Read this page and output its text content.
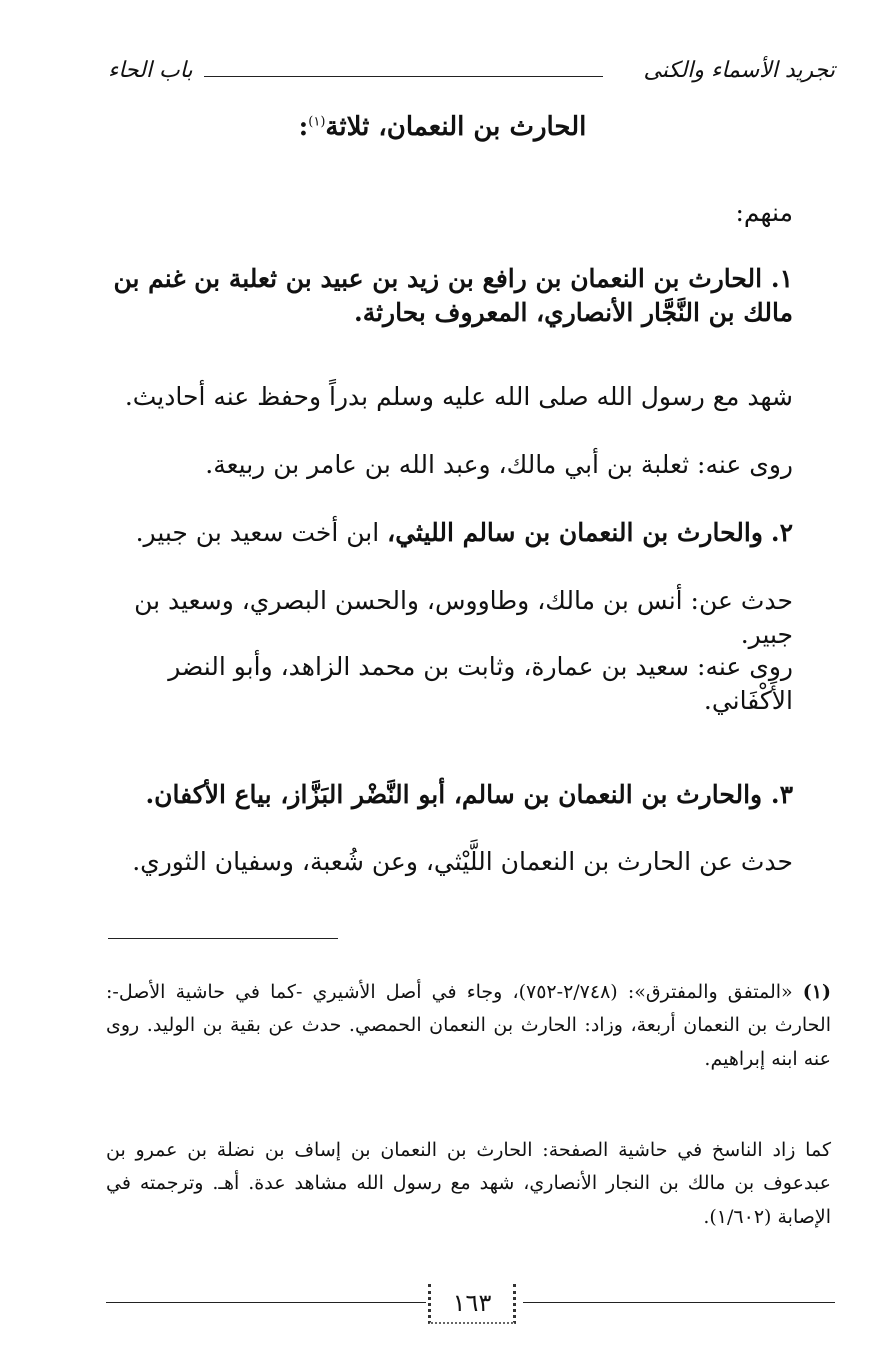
تجريد الأسماء والكنى
باب الحاء
الحارث بن النعمان، ثلاثة$^{(١)}$:
منهم:
١. الحارث بن النعمان بن رافع بن زيد بن عبيد بن ثعلبة بن غنم بن مالك بن النَّجَّار الأنصاري، المعروف بحارثة.
شهد مع رسول الله صلى الله عليه وسلم بدراً وحفظ عنه أحاديث.
روى عنه: ثعلبة بن أبي مالك، وعبد الله بن عامر بن ربيعة.
٢. والحارث بن النعمان بن سالم الليثي، ابن أخت سعيد بن جبير.
حدث عن: أنس بن مالك، وطاووس، والحسن البصري، وسعيد بن جبير.
روى عنه: سعيد بن عمارة، وثابت بن محمد الزاهد، وأبو النضر الأَكْفَاني.
٣. والحارث بن النعمان بن سالم، أبو النَّضْر البَزَّاز، بياع الأكفان.
حدث عن الحارث بن النعمان اللَّيْثي، وعن شُعبة، وسفيان الثوري.
(١) «المتفق والمفترق»: (٢/٧٤٨-٧٥٢)، وجاء في أصل الأشيري -كما في حاشية الأصل-: الحارث بن النعمان أربعة، وزاد: الحارث بن النعمان الحمصي. حدث عن بقية بن الوليد. روى عنه ابنه إبراهيم.
كما زاد الناسخ في حاشية الصفحة: الحارث بن النعمان بن إساف بن نضلة بن عمرو بن عبدعوف بن مالك بن النجار الأنصاري، شهد مع رسول الله مشاهد عدة. أهـ. وترجمته في الإصابة (١/٦٠٢).
١٦٣
